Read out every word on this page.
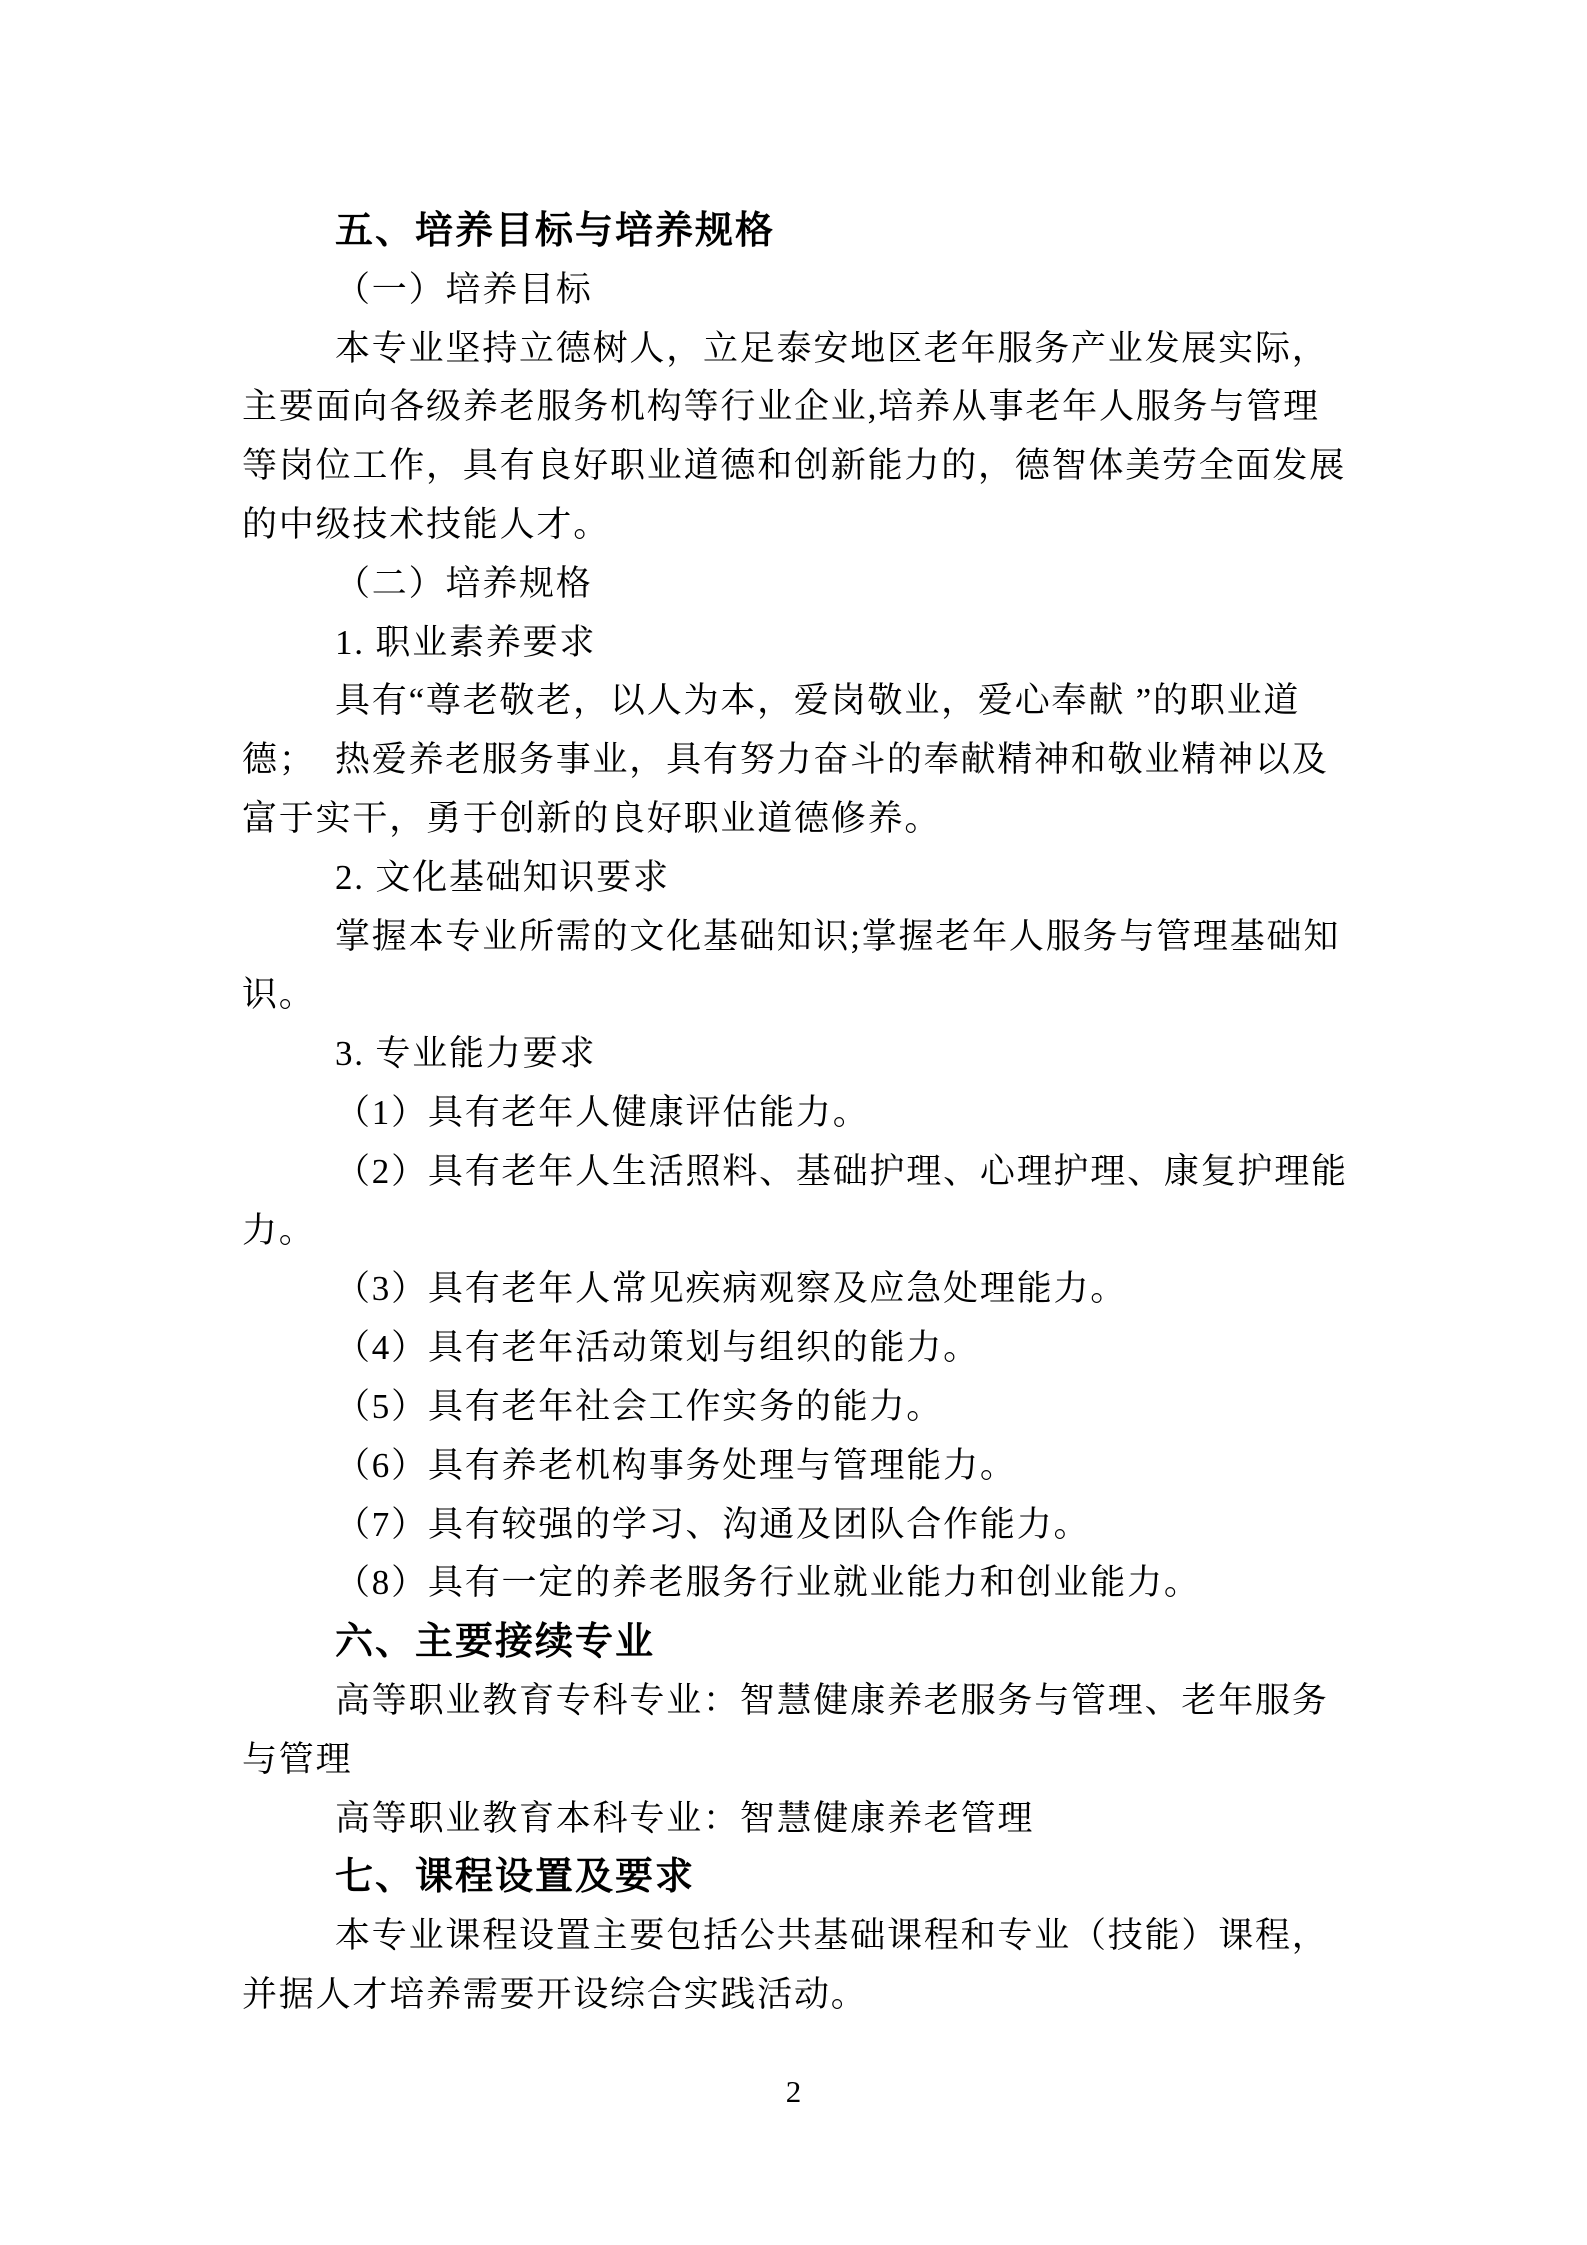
五、培养目标与培养规格
（一）培养目标
本专业坚持立德树人，立足泰安地区老年服务产业发展实际，
主要面向各级养老服务机构等行业企业,培养从事老年人服务与管理
等岗位工作，具有良好职业道德和创新能力的，德智体美劳全面发展
的中级技术技能人才。
（二）培养规格
1. 职业素养要求
具有“尊老敬老，以人为本，爱岗敬业，爱心奉献 ”的职业道
德；　热爱养老服务事业，具有努力奋斗的奉献精神和敬业精神以及
富于实干，勇于创新的良好职业道德修养。
2. 文化基础知识要求
掌握本专业所需的文化基础知识;掌握老年人服务与管理基础知
识。
3. 专业能力要求
（1）具有老年人健康评估能力。
（2）具有老年人生活照料、基础护理、心理护理、康复护理能
力。
（3）具有老年人常见疾病观察及应急处理能力。
（4）具有老年活动策划与组织的能力。
（5）具有老年社会工作实务的能力。
（6）具有养老机构事务处理与管理能力。
（7）具有较强的学习、沟通及团队合作能力。
（8）具有一定的养老服务行业就业能力和创业能力。
六、主要接续专业
高等职业教育专科专业：智慧健康养老服务与管理、老年服务
与管理
高等职业教育本科专业：智慧健康养老管理
七、课程设置及要求
本专业课程设置主要包括公共基础课程和专业（技能）课程，
并据人才培养需要开设综合实践活动。
2
